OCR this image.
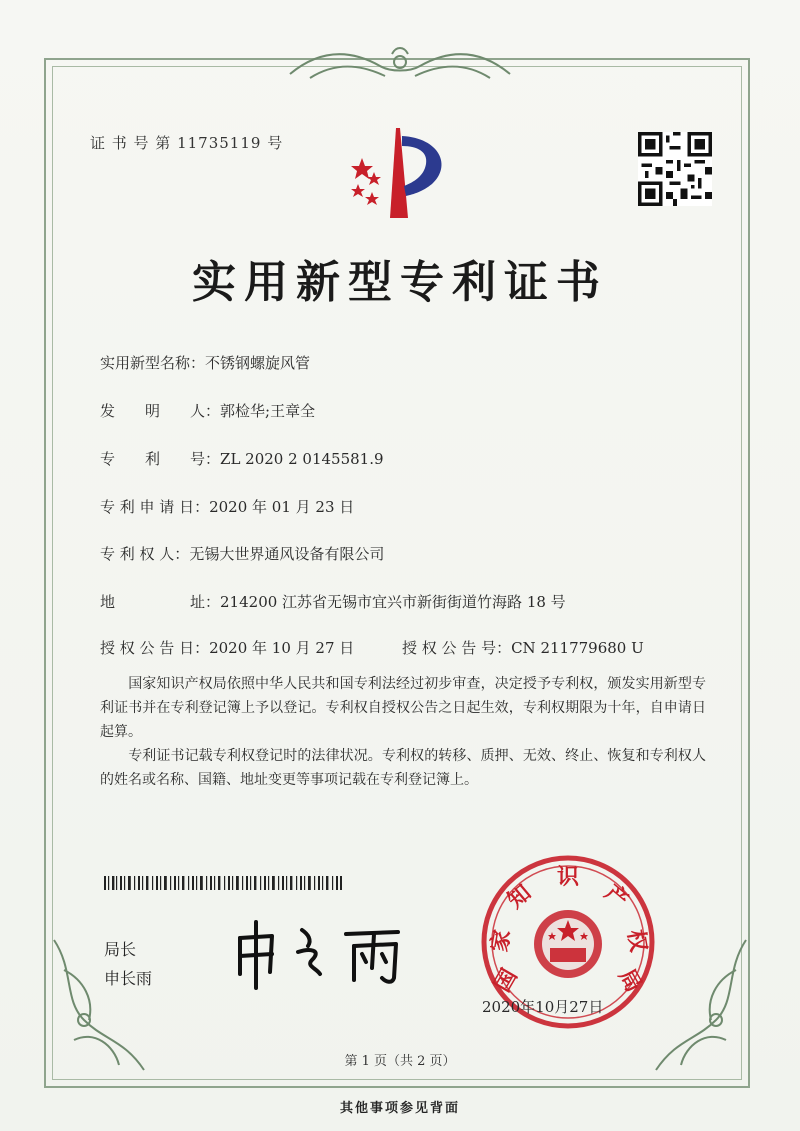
证 书 号 第 11735119 号
实用新型专利证书
实用新型名称：不锈钢螺旋风管
发　　明　　人：郭检华;王章全
专　　利　　号：ZL 2020 2 0145581.9
专 利 申 请 日：2020 年 01 月 23 日
专 利 权 人：无锡大世界通风设备有限公司
地　　　　　址：214200 江苏省无锡市宜兴市新街街道竹海路 18 号
授 权 公 告 日：2020 年 10 月 27 日	授 权 公 告 号：CN 211779680 U
　　国家知识产权局依照中华人民共和国专利法经过初步审查，决定授予专利权，颁发实用新型专利证书并在专利登记簿上予以登记。专利权自授权公告之日起生效，专利权期限为十年，自申请日起算。
　　专利证书记载专利权登记时的法律状况。专利权的转移、质押、无效、终止、恢复和专利权人的姓名或名称、国籍、地址变更等事项记载在专利登记簿上。
局长
申长雨	国
家
知
识
产
权
局
2020年10月27日
第 1 页（共 2 页）
其他事项参见背面
